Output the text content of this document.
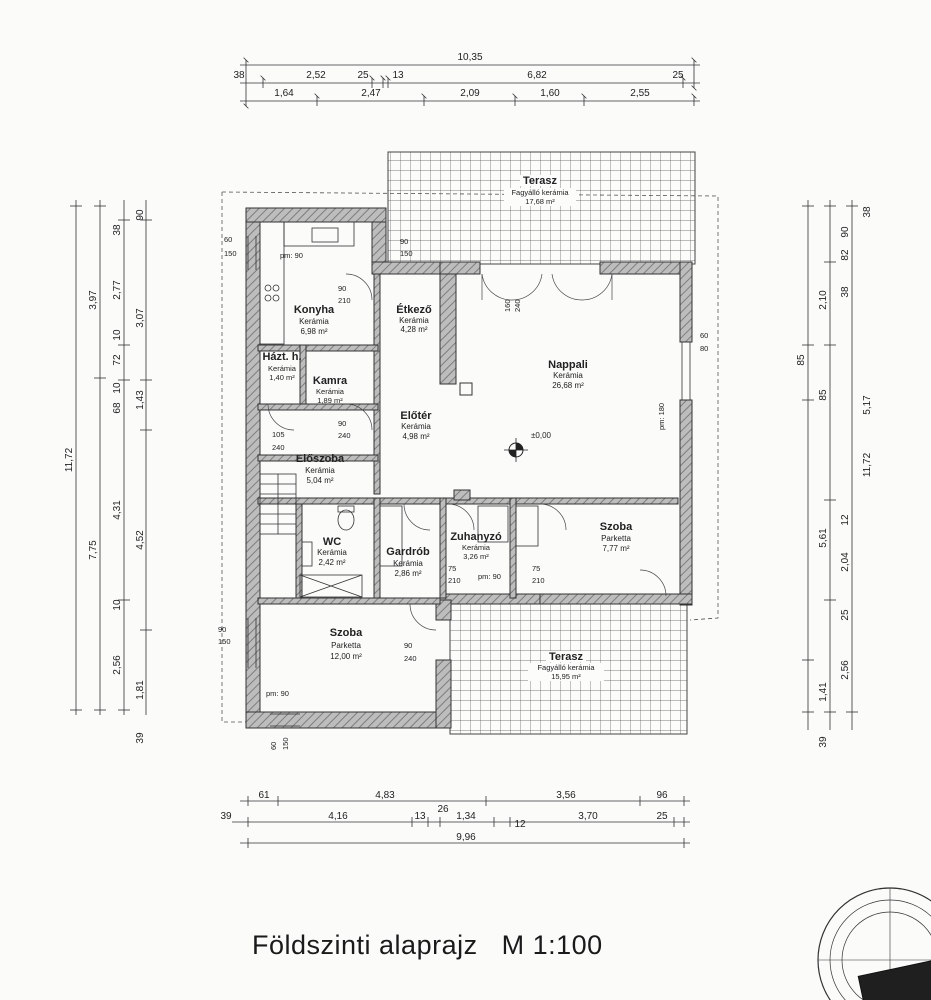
10,35
38	2,52	25 13	6,82	25
1,64	2,47	2,09	1,60	2,55
61	4,83
26
3,56	96
39	4,16	13	1,34
12
3,70	25
9,96
11,72
3,97
7,75
2,56
38
2,77
10
72
10
68
4,31
10
1,81
39
90
3,07
1,43
4,52
2,10
85
5,61
1,41
39
90
82
38
85
12
2,04
25
2,56
38
5,17
11,72
±0,00
Konyha
Kerámia
6,98 m²
Étkező
Kerámia
4,28 m²
Nappali
Kerámia
26,68 m²
Házt. h.
Kerámia
1,40 m² Kamra
Kerámia
1,89 m²
Előtér
Kerámia
4,98 m²
Előszoba
Kerámia
5,04 m²
WC
Kerámia
2,42 m²
Gardrób
Kerámia
2,86 m²
Zuhanyzó
Kerámia
3,26 m²
Szoba
Parketta
7,77 m²
Szoba
Parketta
12,00 m²
Terasz
Fagyálló kerámia
17,68 m²
Terasz
Fagyálló kerámia
15,95 m²
60
150
90
150
90
210
90
240
105
240
75
210
160 240
60
80
90
240
75
210
90
150
60 150
pm: 90
pm: 90
pm: 90
pm: 180
Földszinti alaprajz M 1:100
